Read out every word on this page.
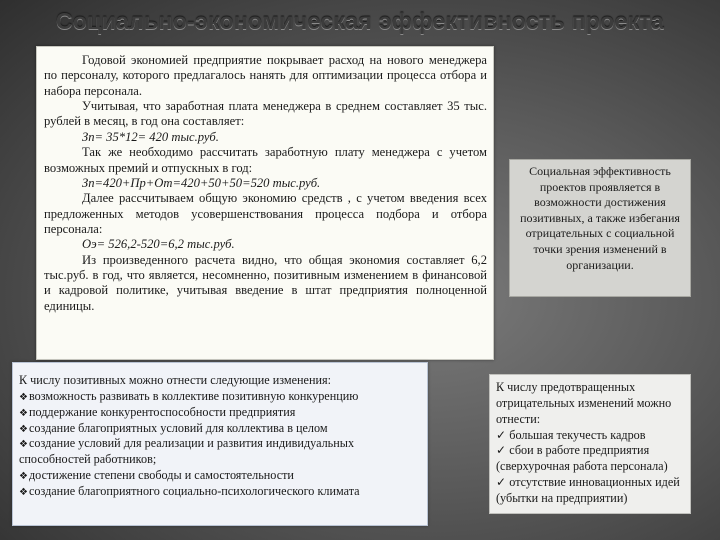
Социально-экономическая эффективность проекта

Годовой экономией предприятие покрывает расход на нового менеджера по персоналу, которого предлагалось нанять для оптимизации процесса отбора и набора персонала.

Учитывая, что заработная плата менеджера в среднем составляет 35 тыс. рублей в месяц, в год она составляет:

Зп= 35*12= 420 тыс.руб.

Так же необходимо рассчитать заработную плату менеджера с учетом возможных премий и отпускных в год:

Зп=420+Пр+От=420+50+50=520 тыс.руб.

Далее рассчитываем общую экономию средств , с учетом введения всех предложенных методов усовершенствования процесса подбора и отбора персонала:

Оэ= 526,2-520=6,2 тыс.руб.

Из произведенного расчета видно, что общая экономия составляет 6,2 тыс.руб. в год, что является, несомненно, позитивным изменением в финансовой и кадровой политике, учитывая введение в штат предприятия полноценной единицы.

Социальная эффективность проектов проявляется в возможности достижения позитивных, а также избегания отрицательных с социальной точки зрения изменений в организации.
К числу позитивных можно отнести следующие изменения:
❖возможность развивать в коллективе позитивную конкуренцию
❖поддержание конкурентоспособности предприятия
❖создание благоприятных условий для коллектива в целом
❖создание условий для реализации и развития индивидуальных способностей работников;
❖достижение степени свободы и самостоятельности
❖создание благоприятного социально-психологического климата
К числу предотвращенных отрицательных изменений можно отнести:
✓ большая текучесть кадров
✓ сбои в работе предприятия (сверхурочная работа персонала)
✓ отсутствие инновационных идей (убытки на предприятии)
